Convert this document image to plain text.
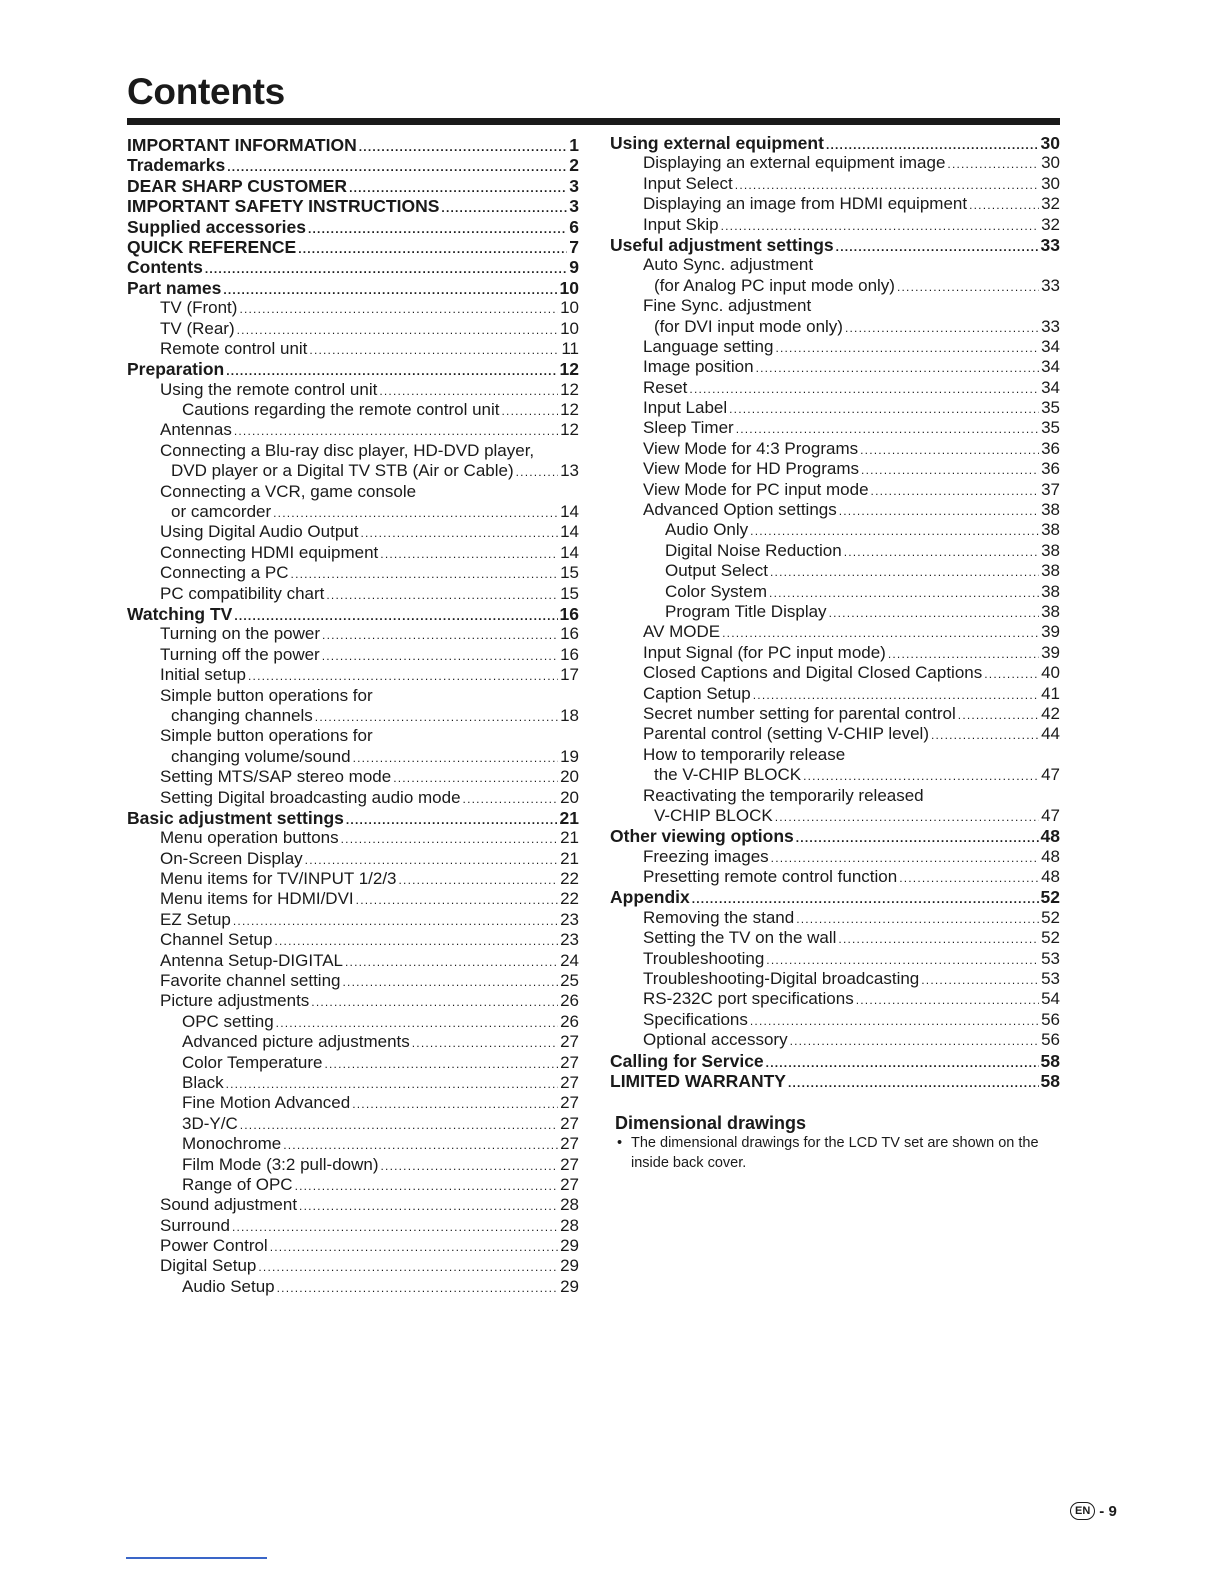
Contents
IMPORTANT INFORMATION .....	1
Trademarks .....	2
DEAR SHARP CUSTOMER .....	3
IMPORTANT SAFETY INSTRUCTIONS .....	3
Supplied accessories .....	6
QUICK REFERENCE .....	7
Contents .....	9
Part names .....	10
TV (Front) .....	10
TV (Rear) .....	10
Remote control unit .....	11
Preparation .....	12
Using the remote control unit .....	12
Cautions regarding the remote control unit .....	12
Antennas .....	12
Connecting a Blu-ray disc player, HD-DVD player,
DVD player or a Digital TV STB (Air or Cable) .....	13
Connecting a VCR, game console
or camcorder .....	14
Using Digital Audio Output .....	14
Connecting HDMI equipment .....	14
Connecting a PC .....	15
PC compatibility chart .....	15
Watching TV .....	16
Turning on the power .....	16
Turning off the power .....	16
Initial setup .....	17
Simple button operations for
changing channels .....	18
Simple button operations for
changing volume/sound .....	19
Setting MTS/SAP stereo mode .....	20
Setting Digital broadcasting audio mode .....	20
Basic adjustment settings .....	21
Menu operation buttons .....	21
On-Screen Display .....	21
Menu items for TV/INPUT 1/2/3 .....	22
Menu items for HDMI/DVI .....	22
EZ Setup .....	23
Channel Setup .....	23
Antenna Setup-DIGITAL .....	24
Favorite channel setting .....	25
Picture adjustments .....	26
OPC setting .....	26
Advanced picture adjustments .....	27
Color Temperature .....	27
Black .....	27
Fine Motion Advanced .....	27
3D-Y/C .....	27
Monochrome .....	27
Film Mode (3:2 pull-down) .....	27
Range of OPC .....	27
Sound adjustment .....	28
Surround .....	28
Power Control .....	29
Digital Setup .....	29
Audio Setup .....	29
Using external equipment .....	30
Displaying an external equipment image .....	30
Input Select .....	30
Displaying an image from HDMI equipment .....	32
Input Skip .....	32
Useful adjustment settings .....	33
Auto Sync. adjustment
(for Analog PC input mode only) .....	33
Fine Sync. adjustment
(for DVI input mode only) .....	33
Language setting .....	34
Image position .....	34
Reset .....	34
Input Label .....	35
Sleep Timer .....	35
View Mode for 4:3 Programs .....	36
View Mode for HD Programs .....	36
View Mode for PC input mode .....	37
Advanced Option settings .....	38
Audio Only .....	38
Digital Noise Reduction .....	38
Output Select .....	38
Color System .....	38
Program Title Display .....	38
AV MODE .....	39
Input Signal (for PC input mode) .....	39
Closed Captions and Digital Closed Captions .....	40
Caption Setup .....	41
Secret number setting for parental control .....	42
Parental control (setting V-CHIP level) .....	44
How to temporarily release
the V-CHIP BLOCK .....	47
Reactivating the temporarily released
V-CHIP BLOCK .....	47
Other viewing options .....	48
Freezing images .....	48
Presetting remote control function .....	48
Appendix .....	52
Removing the stand .....	52
Setting the TV on the wall .....	52
Troubleshooting .....	53
Troubleshooting-Digital broadcasting .....	53
RS-232C port specifications .....	54
Specifications .....	56
Optional accessory .....	56
Calling for Service .....	58
LIMITED WARRANTY .....	58
Dimensional drawings

• The dimensional drawings for the LCD TV set are shown on the inside back cover.

EN - 9
